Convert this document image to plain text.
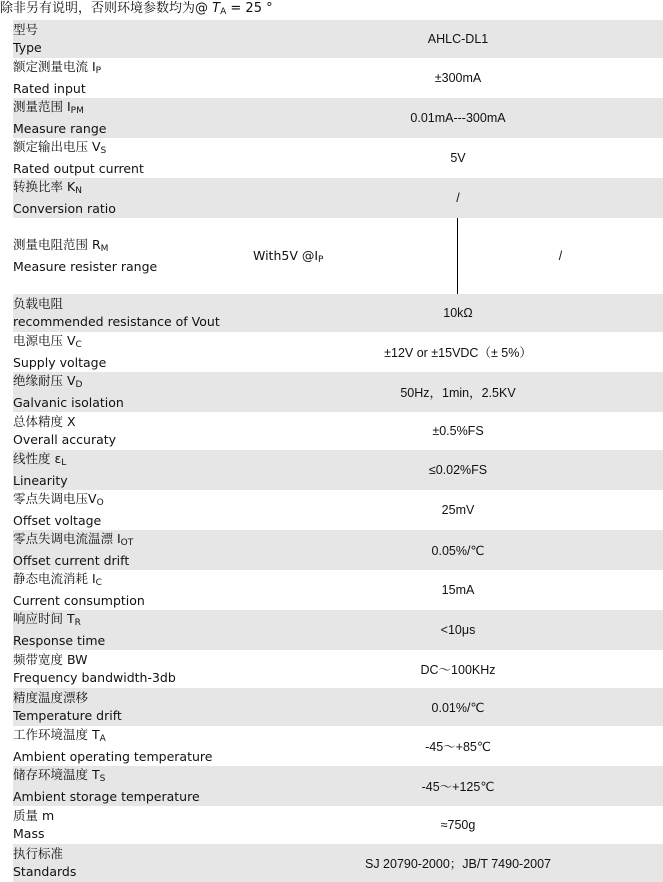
除非另有说明，否则环境参数均为@ $T_A = 25$ °
型号
Type	AHLC-DL1	

额定测量电流 $I_P$
Rated input	±300mA	

测量范围 $I_{PM}$
Measure range	0.01mA---300mA	

额定输出电压 $V_S$
Rated output current	5V	

转换比率 $K_N$
Conversion ratio	/	

测量电阻范围 $R_M$
Measure resister range	With5V $@I_P$	/

负载电阻
recommended resistance of Vout	10kΩ	

电源电压 $V_C$
Supply voltage	±12V or ±15VDC（± 5%）	

绝缘耐压 $V_D$
Galvanic isolation	50Hz，1min，2.5KV	

总体精度 X
Overall accuraty	±0.5%FS	

线性度 $\varepsilon_L$
Linearity	≤0.02%FS	

零点失调电压$V_O$
Offset voltage	25mV	

零点失调电流温漂 $I_{OT}$
Offset current drift	0.05%/℃	

静态电流消耗 $I_C$
Current consumption	15mA	

响应时间 $T_R$
Response time	<10μs	

频带宽度 BW
Frequency bandwidth-3db	DC～100KHz	

精度温度漂移
Temperature drift	0.01%/℃	

工作环境温度 $T_A$
Ambient operating temperature	-45～+85℃	

储存环境温度 $T_S$
Ambient storage temperature	-45～+125℃	

质量 m
Mass	≈750g	

执行标准
Standards	SJ 20790-2000；JB/T 7490-2007	
